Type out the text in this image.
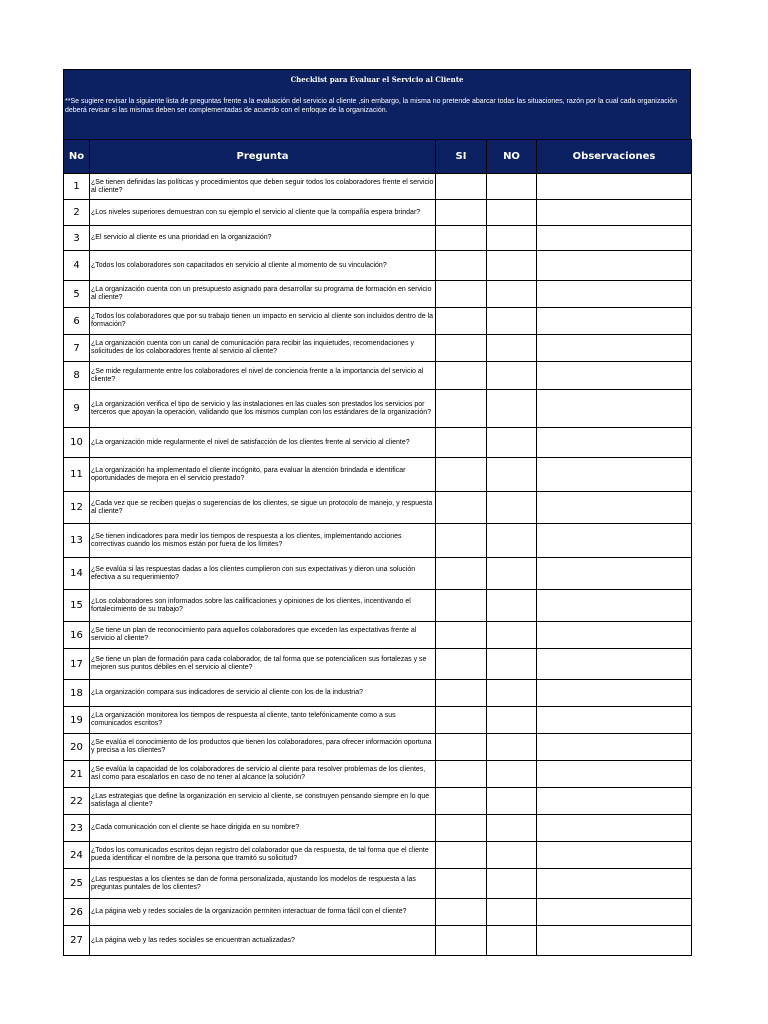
Checklist para Evaluar el Servicio al Cliente
**Se sugiere revisar la siguiente lista de preguntas frente a la evaluación del servicio al cliente ,sin embargo, la misma no pretende abarcar todas las situaciones, razón por la cual cada organización deberá revisar si las mismas deben ser complementadas de acuerdo con el enfoque de la organización.
No	Pregunta	SI	NO	Observaciones
1	¿Se tienen definidas las políticas y procedimientos que deben seguir todos los colaboradores frente el servicio al cliente?			
2	¿Los niveles superiores demuestran con su ejemplo el servicio al cliente que la compañía espera brindar?			
3	¿El servicio al cliente es una prioridad en la organización?			
4	¿Todos los colaboradores son capacitados en servicio al cliente al momento de su vinculación?			
5	¿La organización cuenta con un presupuesto asignado para desarrollar su programa de formación en servicio al cliente?			
6	¿Todos los colaboradores que por su trabajo tienen un impacto en servicio al cliente son incluidos dentro de la formación?			
7	¿La organización cuenta con un canal de comunicación para recibir las inquietudes, recomendaciones y solicitudes de los colaboradores frente al servicio al cliente?			
8	¿Se mide regularmente entre los colaboradores el nivel de conciencia frente a la importancia del servicio al cliente?			
9	¿La organización verifica el tipo de servicio y las instalaciones en las cuales son prestados los servicios por terceros que apoyan la operación, validando que los mismos cumplan con los estándares de la organización?			
10	¿La organización mide regularmente el nivel de satisfacción de los clientes frente al servicio al cliente?			
11	¿La organización ha implementado el cliente incógnito, para evaluar la atención brindada e identificar oportunidades de mejora en el servicio prestado?			
12	¿Cada vez que se reciben quejas o sugerencias de los clientes, se sigue un protocolo de manejo, y respuesta al cliente?			
13	¿Se tienen indicadores para medir los tiempos de respuesta a los clientes, implementando acciones correctivas cuando los mismos están por fuera de los límites?			
14	¿Se evalúa si las respuestas dadas a los clientes cumplieron con sus expectativas y dieron una solución efectiva a su requerimiento?			
15	¿Los colaboradores son informados sobre las calificaciones y opiniones de los clientes, incentivando el fortalecimiento de su trabajo?			
16	¿Se tiene un plan de reconocimiento para aquellos colaboradores que exceden las expectativas frente al servicio al cliente?			
17	¿Se tiene un plan de formación para cada colaborador, de tal forma que se potencialicen sus fortalezas y se mejoren sus puntos débiles en el servicio al cliente?			
18	¿La organización compara sus indicadores de servicio al cliente con los de la industria?			
19	¿La organización monitorea los tiempos de respuesta al cliente, tanto telefónicamente como a sus comunicados escritos?			
20	¿Se evalúa el conocimiento de los productos que tienen los colaboradores, para ofrecer información oportuna y precisa a los clientes?			
21	¿Se evalúa la capacidad de los colaboradores de servicio al cliente para resolver problemas de los clientes, así como para escalarlos en caso de no tener al alcance la solución?			
22	¿Las estrategias que define la organización en servicio al cliente, se construyen pensando siempre en lo que satisfaga al cliente?			
23	¿Cada comunicación con el cliente se hace dirigida en su nombre?			
24	¿Todos los comunicados escritos dejan registro del colaborador que da respuesta, de tal forma que el cliente pueda identificar el nombre de la persona que tramitó su solicitud?			
25	¿Las respuestas a los clientes se dan de forma personalizada, ajustando los modelos de respuesta a las preguntas puntales de los clientes?			
26	¿La página web y redes sociales de la organización permiten interactuar de forma fácil con el cliente?			
27	¿La página web y las redes sociales se encuentran actualizadas?			
